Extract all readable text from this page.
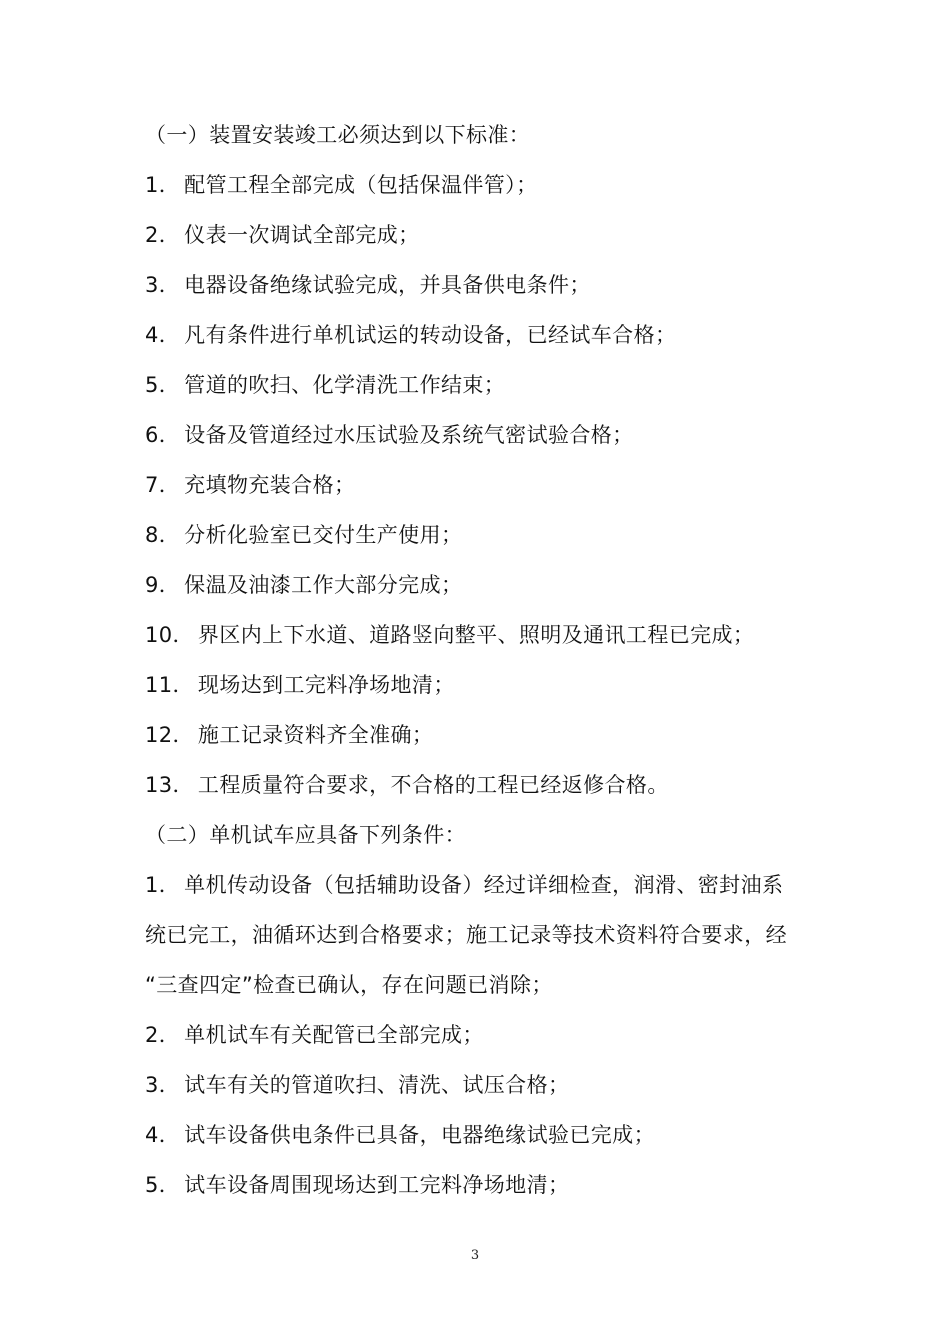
（一）装置安装竣工必须达到以下标准：
1． 配管工程全部完成（包括保温伴管）；
2． 仪表一次调试全部完成；
3． 电器设备绝缘试验完成，并具备供电条件；
4． 凡有条件进行单机试运的转动设备，已经试车合格；
5． 管道的吹扫、化学清洗工作结束；
6． 设备及管道经过水压试验及系统气密试验合格；
7． 充填物充装合格；
8． 分析化验室已交付生产使用；
9． 保温及油漆工作大部分完成；
10． 界区内上下水道、道路竖向整平、照明及通讯工程已完成；
11． 现场达到工完料净场地清；
12． 施工记录资料齐全准确；
13． 工程质量符合要求，不合格的工程已经返修合格。
（二）单机试车应具备下列条件：
1． 单机传动设备（包括辅助设备）经过详细检查，润滑、密封油系
统已完工，油循环达到合格要求；施工记录等技术资料符合要求，经
“三查四定”检查已确认，存在问题已消除；
2． 单机试车有关配管已全部完成；
3． 试车有关的管道吹扫、清洗、试压合格；
4． 试车设备供电条件已具备，电器绝缘试验已完成；
5． 试车设备周围现场达到工完料净场地清；
3
